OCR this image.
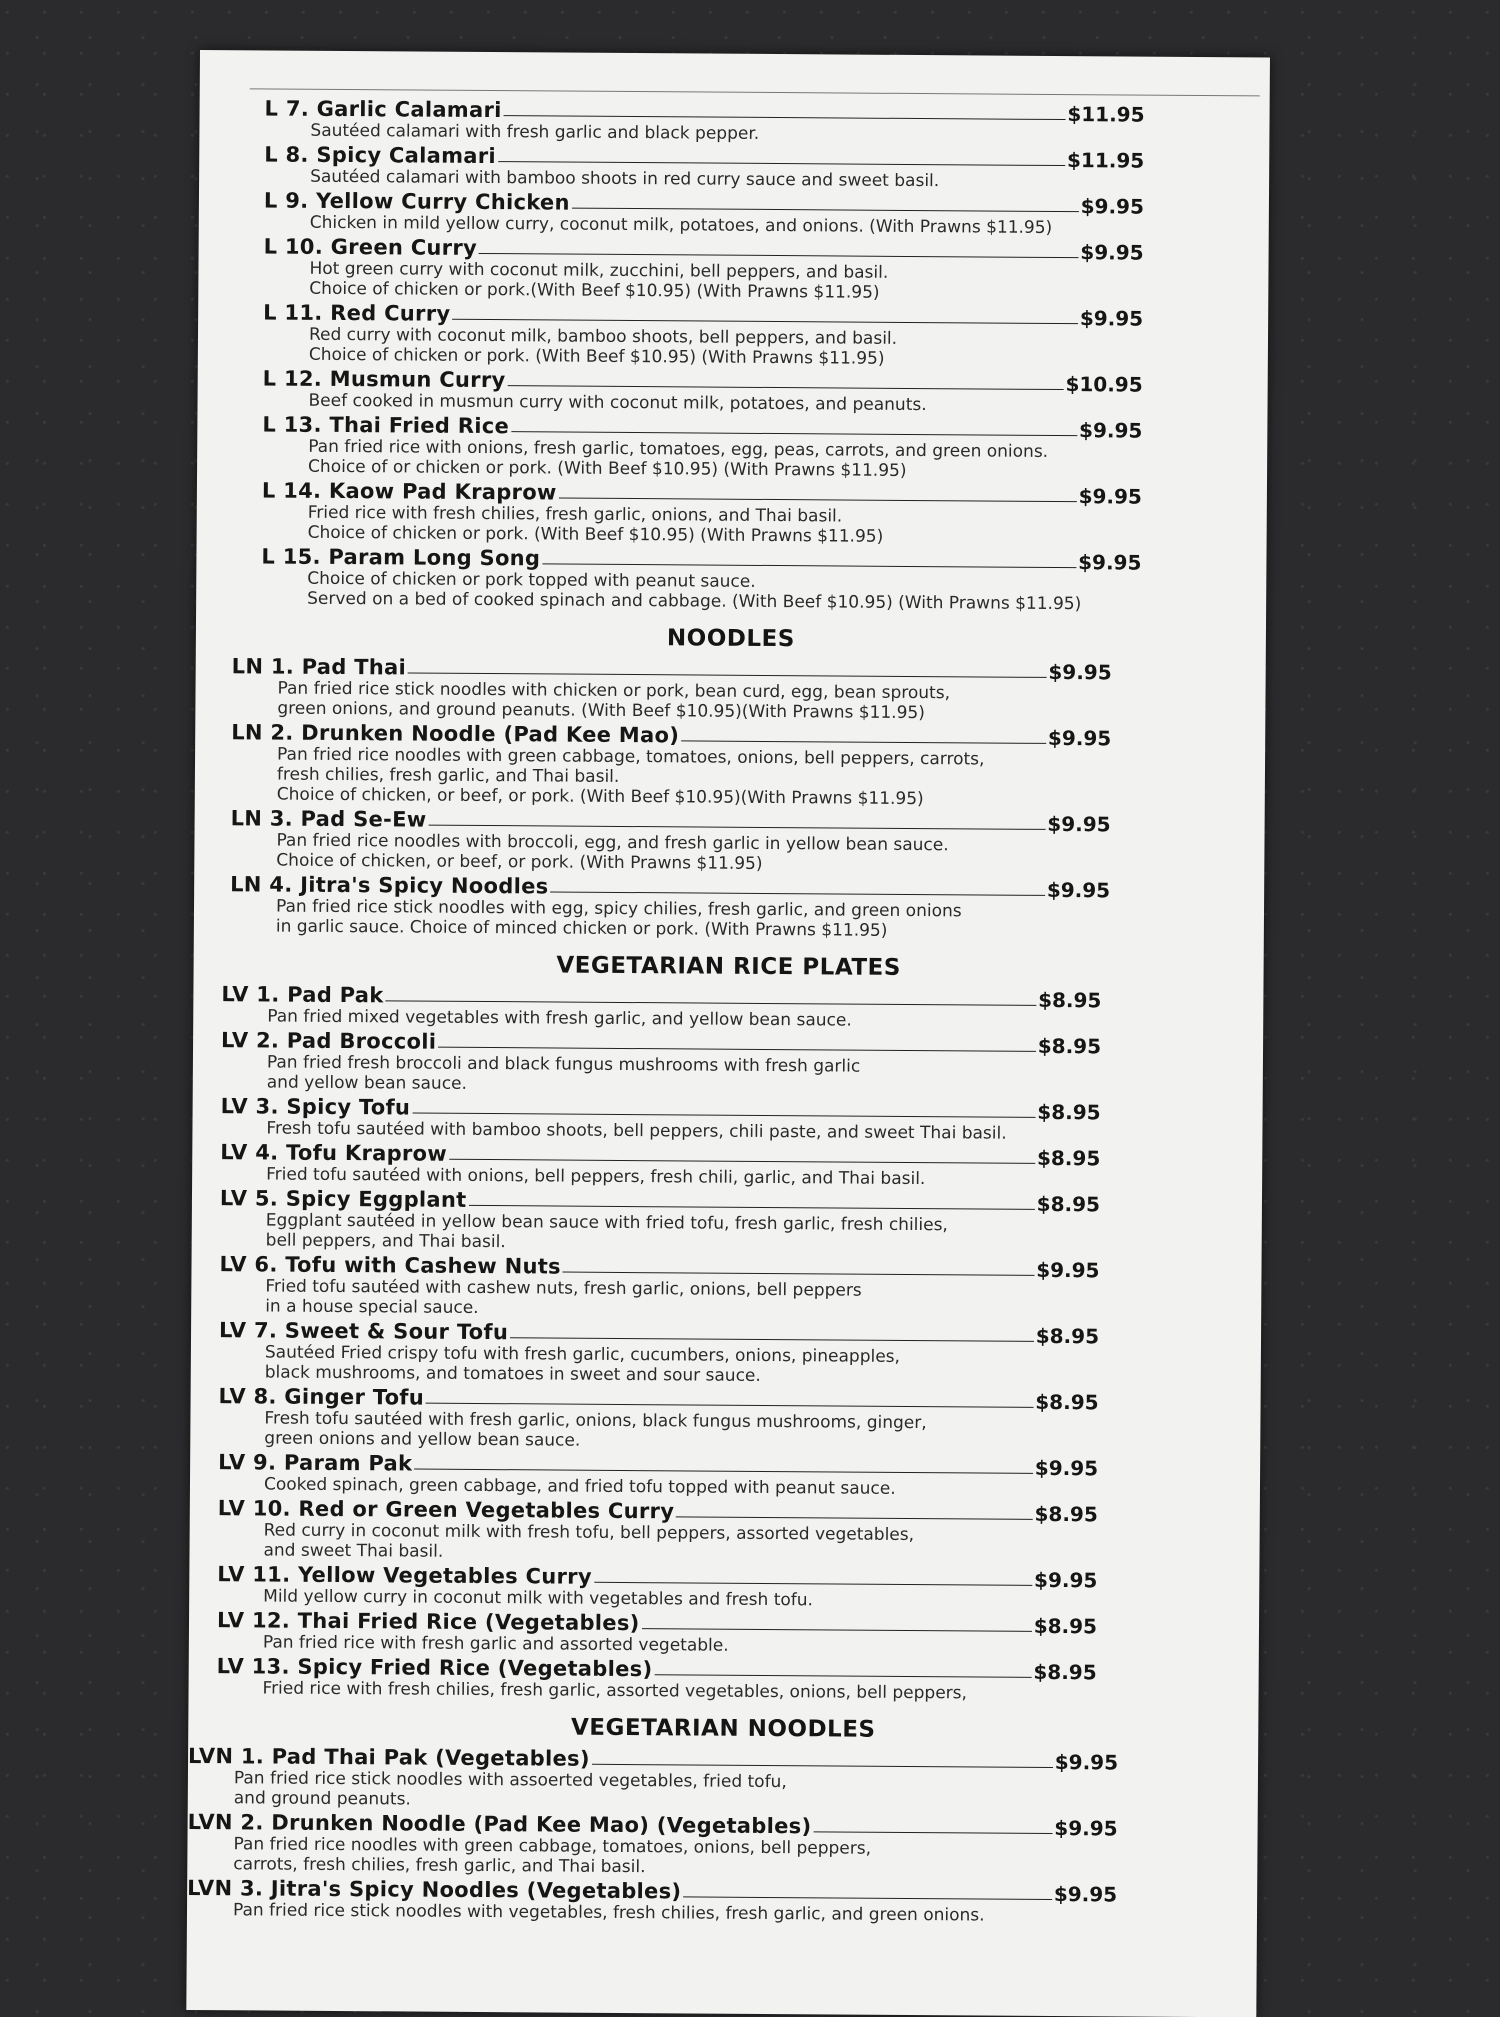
L 7. Garlic Calamari	$11.95
Sautéed calamari with fresh garlic and black pepper.
L 8. Spicy Calamari	$11.95
Sautéed calamari with bamboo shoots in red curry sauce and sweet basil.
L 9. Yellow Curry Chicken	$9.95
Chicken in mild yellow curry, coconut milk, potatoes, and onions. (With Prawns $11.95)
L 10. Green Curry	$9.95
Hot green curry with coconut milk, zucchini, bell peppers, and basil.
Choice of chicken or pork.(With Beef $10.95) (With Prawns $11.95)
L 11. Red Curry	$9.95
Red curry with coconut milk, bamboo shoots, bell peppers, and basil.
Choice of chicken or pork. (With Beef $10.95) (With Prawns $11.95)
L 12. Musmun Curry	$10.95
Beef cooked in musmun curry with coconut milk, potatoes, and peanuts.
L 13. Thai Fried Rice	$9.95
Pan fried rice with onions, fresh garlic, tomatoes, egg, peas, carrots, and green onions.
Choice of or chicken or pork. (With Beef $10.95) (With Prawns $11.95)
L 14. Kaow Pad Kraprow	$9.95
Fried rice with fresh chilies, fresh garlic, onions, and Thai basil.
Choice of chicken or pork. (With Beef $10.95) (With Prawns $11.95)
L 15. Param Long Song	$9.95
Choice of chicken or pork topped with peanut sauce.
Served on a bed of cooked spinach and cabbage. (With Beef $10.95) (With Prawns $11.95)
NOODLES
LN 1. Pad Thai	$9.95
Pan fried rice stick noodles with chicken or pork, bean curd, egg, bean sprouts,
green onions, and ground peanuts. (With Beef $10.95)(With Prawns $11.95)
LN 2. Drunken Noodle (Pad Kee Mao)	$9.95
Pan fried rice noodles with green cabbage, tomatoes, onions, bell peppers, carrots,
fresh chilies, fresh garlic, and Thai basil.
Choice of chicken, or beef, or pork. (With Beef $10.95)(With Prawns $11.95)
LN 3. Pad Se-Ew	$9.95
Pan fried rice noodles with broccoli, egg, and fresh garlic in yellow bean sauce.
Choice of chicken, or beef, or pork. (With Prawns $11.95)
LN 4. Jitra's Spicy Noodles	$9.95
Pan fried rice stick noodles with egg, spicy chilies, fresh garlic, and green onions
in garlic sauce. Choice of minced chicken or pork. (With Prawns $11.95)
VEGETARIAN RICE PLATES
LV 1. Pad Pak	$8.95
Pan fried mixed vegetables with fresh garlic, and yellow bean sauce.
LV 2. Pad Broccoli	$8.95
Pan fried fresh broccoli and black fungus mushrooms with fresh garlic
and yellow bean sauce.
LV 3. Spicy Tofu	$8.95
Fresh tofu sautéed with bamboo shoots, bell peppers, chili paste, and sweet Thai basil.
LV 4. Tofu Kraprow	$8.95
Fried tofu sautéed with onions, bell peppers, fresh chili, garlic, and Thai basil.
LV 5. Spicy Eggplant	$8.95
Eggplant sautéed in yellow bean sauce with fried tofu, fresh garlic, fresh chilies,
bell peppers, and Thai basil.
LV 6. Tofu with Cashew Nuts	$9.95
Fried tofu sautéed with cashew nuts, fresh garlic, onions, bell peppers
in a house special sauce.
LV 7. Sweet & Sour Tofu	$8.95
Sautéed Fried crispy tofu with fresh garlic, cucumbers, onions, pineapples,
black mushrooms, and tomatoes in sweet and sour sauce.
LV 8. Ginger Tofu	$8.95
Fresh tofu sautéed with fresh garlic, onions, black fungus mushrooms, ginger,
green onions and yellow bean sauce.
LV 9. Param Pak	$9.95
Cooked spinach, green cabbage, and fried tofu topped with peanut sauce.
LV 10. Red or Green Vegetables Curry	$8.95
Red curry in coconut milk with fresh tofu, bell peppers, assorted vegetables,
and sweet Thai basil.
LV 11. Yellow Vegetables Curry	$9.95
Mild yellow curry in coconut milk with vegetables and fresh tofu.
LV 12. Thai Fried Rice (Vegetables)	$8.95
Pan fried rice with fresh garlic and assorted vegetable.
LV 13. Spicy Fried Rice (Vegetables)	$8.95
Fried rice with fresh chilies, fresh garlic, assorted vegetables, onions, bell peppers,
VEGETARIAN NOODLES
LVN 1. Pad Thai Pak (Vegetables)	$9.95
Pan fried rice stick noodles with assoerted vegetables, fried tofu,
and ground peanuts.
LVN 2. Drunken Noodle (Pad Kee Mao) (Vegetables)	$9.95
Pan fried rice noodles with green cabbage, tomatoes, onions, bell peppers,
carrots, fresh chilies, fresh garlic, and Thai basil.
LVN 3. Jitra's Spicy Noodles (Vegetables)	$9.95
Pan fried rice stick noodles with vegetables, fresh chilies, fresh garlic, and green onions.
